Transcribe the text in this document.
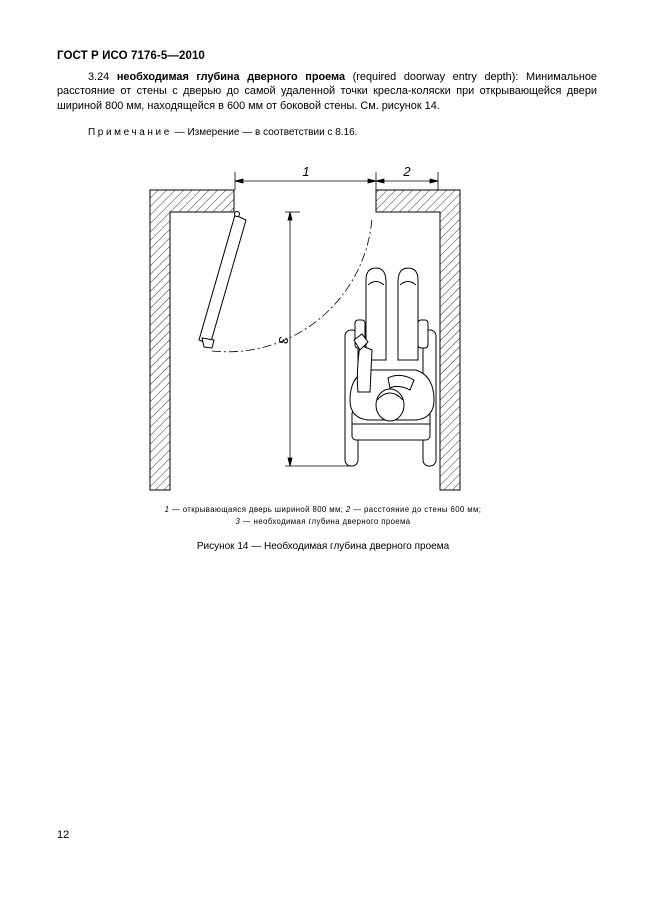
ГОСТ Р ИСО 7176-5—2010
3.24 необходимая глубина дверного проема (required doorway entry depth): Минимальное расстояние от стены с дверью до самой удаленной точки кресла-коляски при открывающейся двери шириной 800 мм, находящейся в 600 мм от боковой стены. См. рисунок 14.
Примечание — Измерение — в соответствии с 8.16.
1	2
3
1 — открывающаяся дверь шириной 800 мм; 2 — расстояние до стены 600 мм;
3 — необходимая глубина дверного проема
Рисунок 14 — Необходимая глубина дверного проема
12
